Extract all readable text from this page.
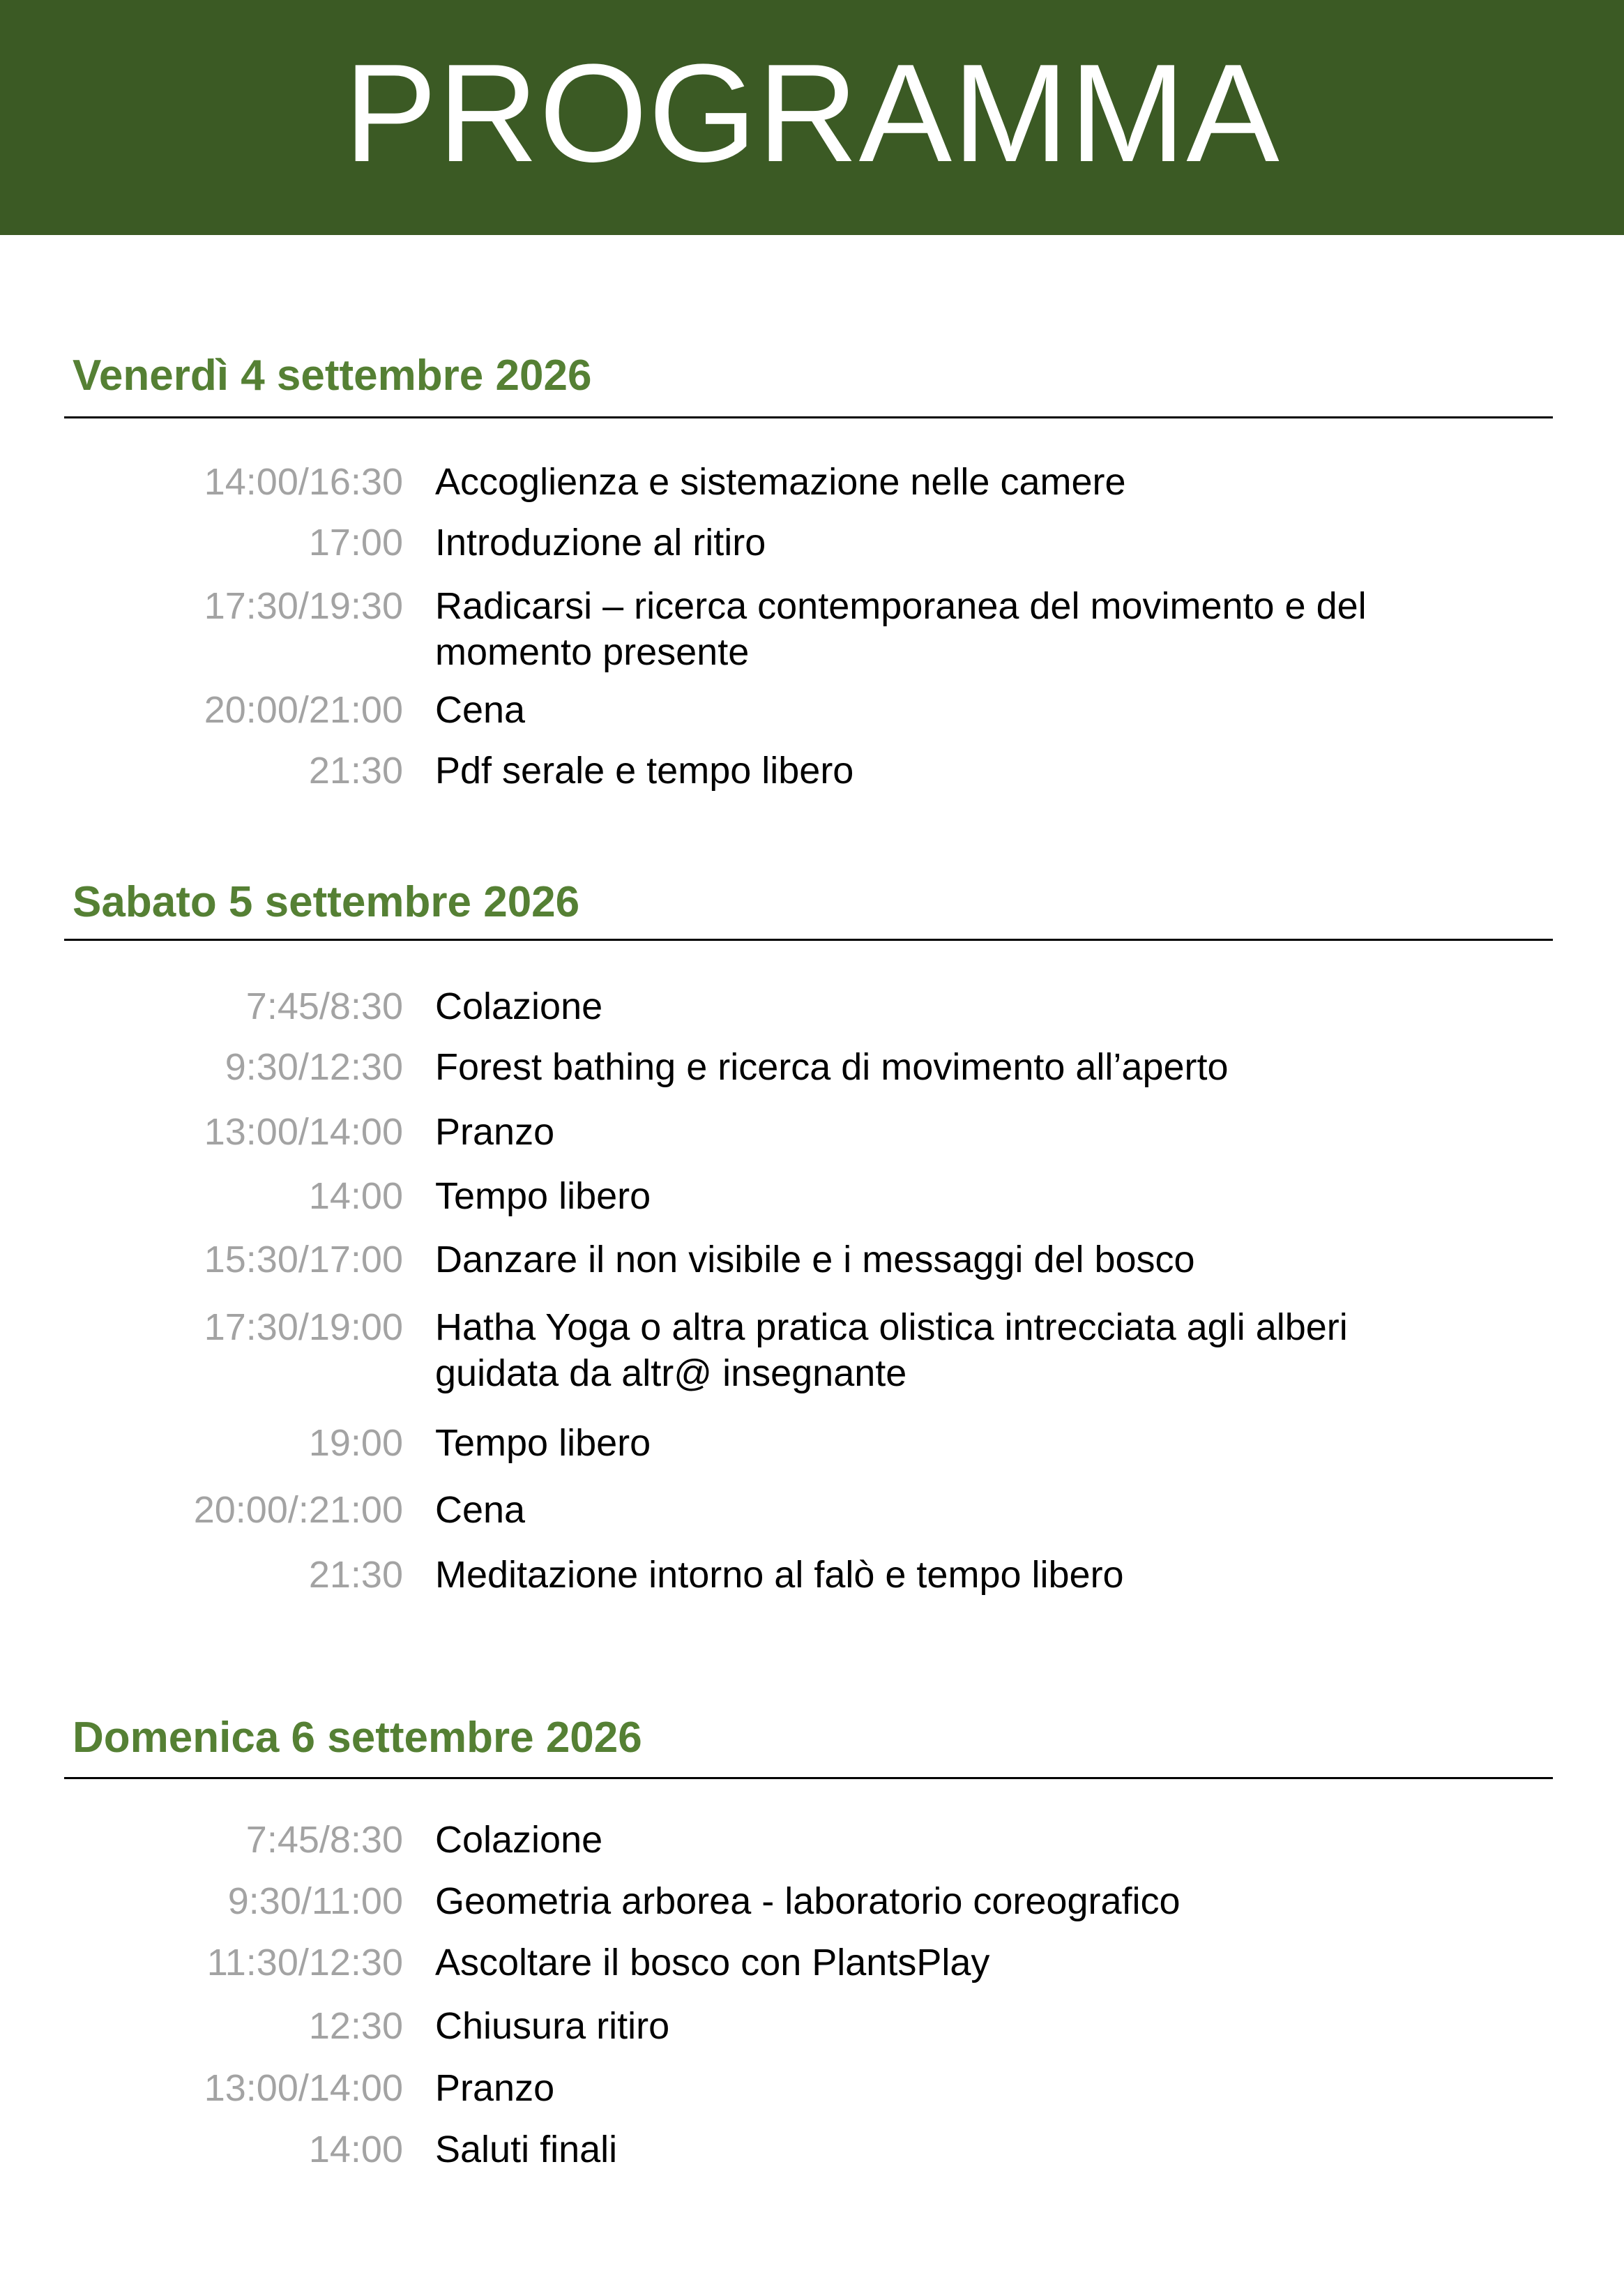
PROGRAMMA
Venerdì 4 settembre 2026
14:00/16:30 Accoglienza e sistemazione nelle camere
17:00 Introduzione al ritiro
17:30/19:30 Radicarsi – ricerca contemporanea del movimento e del momento presente
20:00/21:00 Cena
21:30 Pdf serale e tempo libero
Sabato 5 settembre 2026
7:45/8:30 Colazione
9:30/12:30 Forest bathing e ricerca di movimento all’aperto
13:00/14:00 Pranzo
14:00 Tempo libero
15:30/17:00 Danzare il non visibile e i messaggi del bosco
17:30/19:00 Hatha Yoga o altra pratica olistica intrecciata agli alberi guidata da altr@ insegnante
19:00 Tempo libero
20:00/:21:00 Cena
21:30 Meditazione intorno al falò e tempo libero
Domenica 6 settembre 2026
7:45/8:30 Colazione
9:30/11:00 Geometria arborea - laboratorio coreografico
11:30/12:30 Ascoltare il bosco con PlantsPlay
12:30 Chiusura ritiro
13:00/14:00 Pranzo
14:00 Saluti finali
